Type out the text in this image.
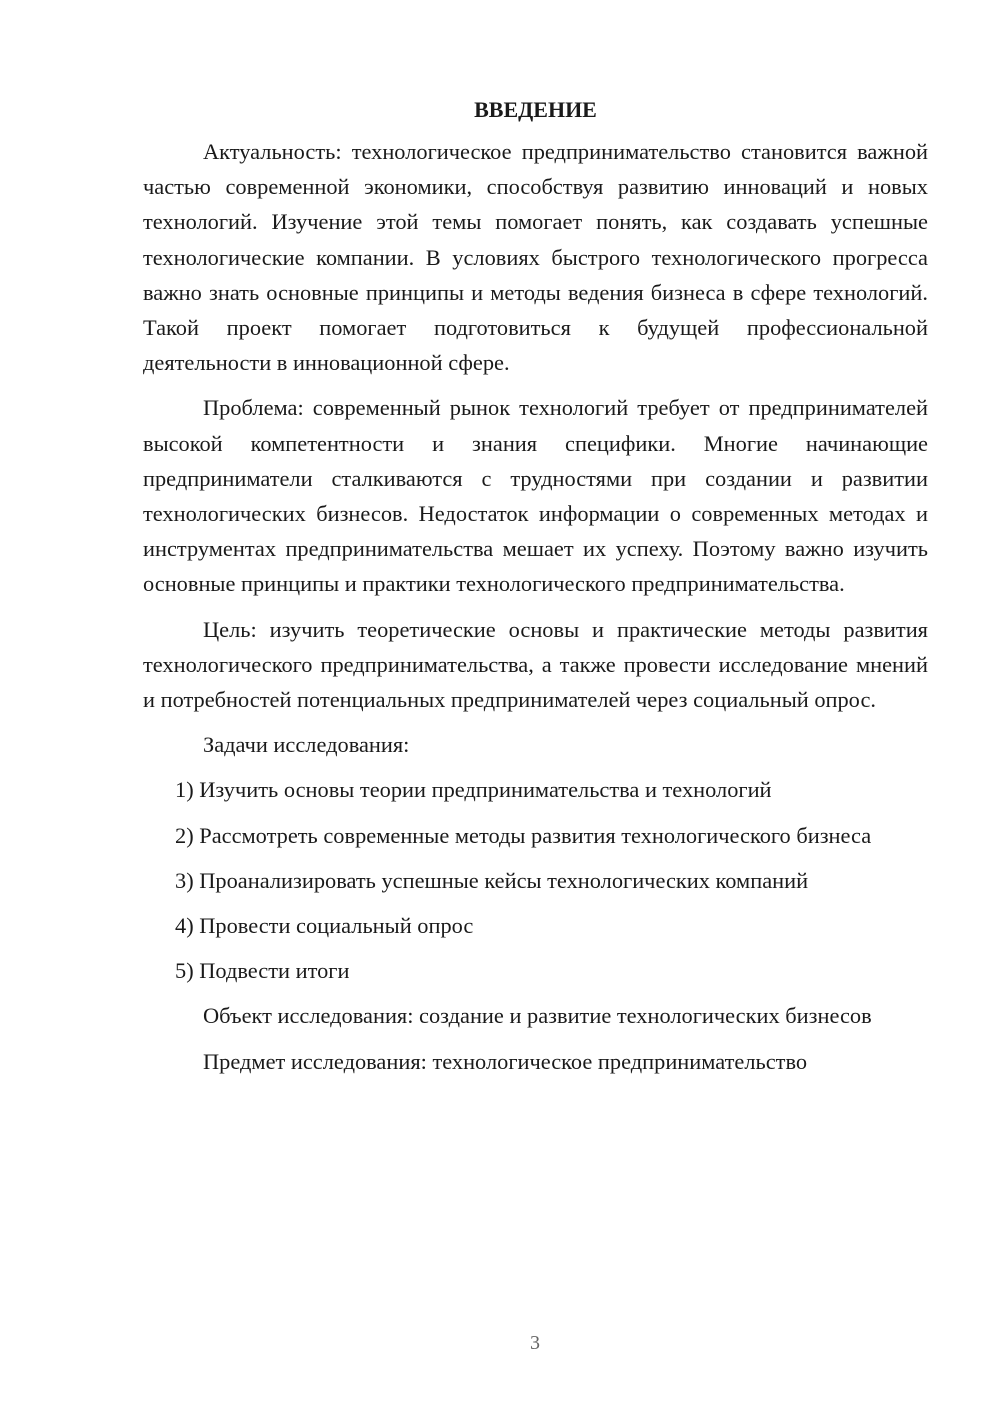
ВВЕДЕНИЕ

Актуальность: технологическое предпринимательство становится важной частью современной экономики, способствуя развитию инноваций и новых технологий. Изучение этой темы помогает понять, как создавать успешные технологические компании. В условиях быстрого технологического прогресса важно знать основные принципы и методы ведения бизнеса в сфере технологий. Такой проект помогает подготовиться к будущей профессиональной деятельности в инновационной сфере.

Проблема: современный рынок технологий требует от предпринимателей высокой компетентности и знания специфики. Многие начинающие предприниматели сталкиваются с трудностями при создании и развитии технологических бизнесов. Недостаток информации о современных методах и инструментах предпринимательства мешает их успеху. Поэтому важно изучить основные принципы и практики технологического предпринимательства.

Цель: изучить теоретические основы и практические методы развития технологического предпринимательства, а также провести исследование мнений и потребностей потенциальных предпринимателей через социальный опрос.

Задачи исследования:

1) Изучить основы теории предпринимательства и технологий

2) Рассмотреть современные методы развития технологического бизнеса

3) Проанализировать успешные кейсы технологических компаний

4) Провести социальный опрос

5) Подвести итоги

Объект исследования: создание и развитие технологических бизнесов

Предмет исследования: технологическое предпринимательство

3
